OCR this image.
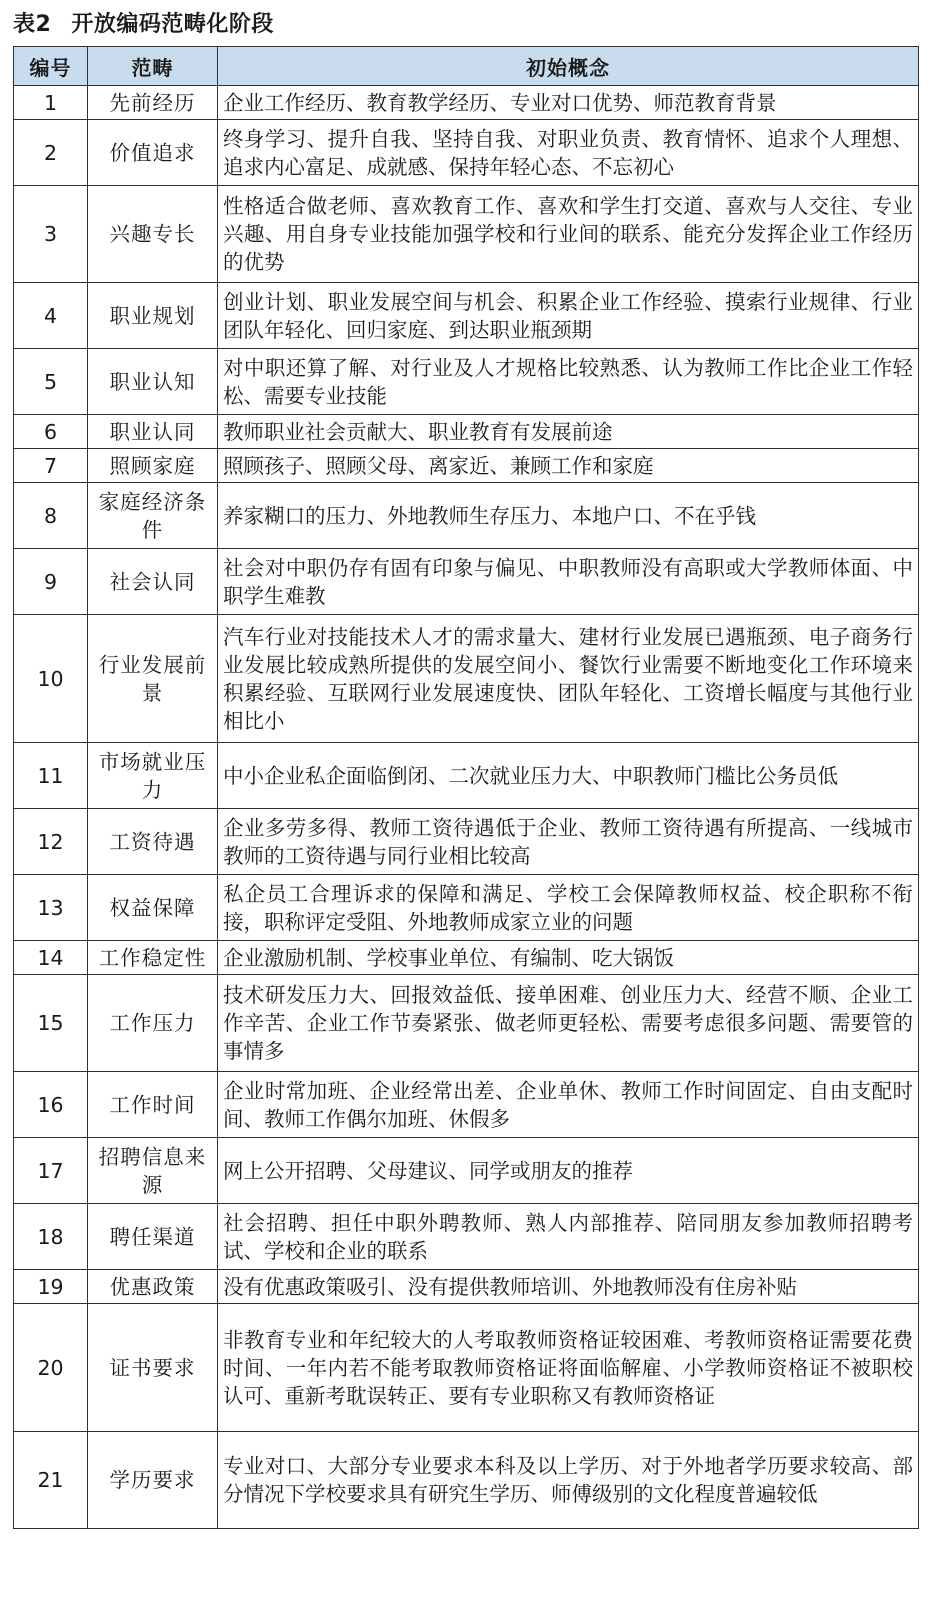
表2 开放编码范畴化阶段
编号	范畴	初始概念
1	先前经历	企业工作经历、教育教学经历、专业对口优势、师范教育背景
2	价值追求	终身学习、提升自我、坚持自我、对职业负责、教育情怀、追求个人理想、追求内心富足、成就感、保持年轻心态、不忘初心
3	兴趣专长	性格适合做老师、喜欢教育工作、喜欢和学生打交道、喜欢与人交往、专业兴趣、用自身专业技能加强学校和行业间的联系、能充分发挥企业工作经历的优势
4	职业规划	创业计划、职业发展空间与机会、积累企业工作经验、摸索行业规律、行业团队年轻化、回归家庭、到达职业瓶颈期
5	职业认知	对中职还算了解、对行业及人才规格比较熟悉、认为教师工作比企业工作轻松、需要专业技能
6	职业认同	教师职业社会贡献大、职业教育有发展前途
7	照顾家庭	照顾孩子、照顾父母、离家近、兼顾工作和家庭
8	家庭经济条件	养家糊口的压力、外地教师生存压力、本地户口、不在乎钱
9	社会认同	社会对中职仍存有固有印象与偏见、中职教师没有高职或大学教师体面、中职学生难教
10	行业发展前景	汽车行业对技能技术人才的需求量大、建材行业发展已遇瓶颈、电子商务行业发展比较成熟所提供的发展空间小、餐饮行业需要不断地变化工作环境来积累经验、互联网行业发展速度快、团队年轻化、工资增长幅度与其他行业相比小
11	市场就业压力	中小企业私企面临倒闭、二次就业压力大、中职教师门槛比公务员低
12	工资待遇	企业多劳多得、教师工资待遇低于企业、教师工资待遇有所提高、一线城市教师的工资待遇与同行业相比较高
13	权益保障	私企员工合理诉求的保障和满足、学校工会保障教师权益、校企职称不衔接，职称评定受阻、外地教师成家立业的问题
14	工作稳定性	企业激励机制、学校事业单位、有编制、吃大锅饭
15	工作压力	技术研发压力大、回报效益低、接单困难、创业压力大、经营不顺、企业工作辛苦、企业工作节奏紧张、做老师更轻松、需要考虑很多问题、需要管的事情多
16	工作时间	企业时常加班、企业经常出差、企业单休、教师工作时间固定、自由支配时间、教师工作偶尔加班、休假多
17	招聘信息来源	网上公开招聘、父母建议、同学或朋友的推荐
18	聘任渠道	社会招聘、担任中职外聘教师、熟人内部推荐、陪同朋友参加教师招聘考试、学校和企业的联系
19	优惠政策	没有优惠政策吸引、没有提供教师培训、外地教师没有住房补贴
20	证书要求	非教育专业和年纪较大的人考取教师资格证较困难、考教师资格证需要花费时间、一年内若不能考取教师资格证将面临解雇、小学教师资格证不被职校认可、重新考耽误转正、要有专业职称又有教师资格证
21	学历要求	专业对口、大部分专业要求本科及以上学历、对于外地者学历要求较高、部分情况下学校要求具有研究生学历、师傅级别的文化程度普遍较低
